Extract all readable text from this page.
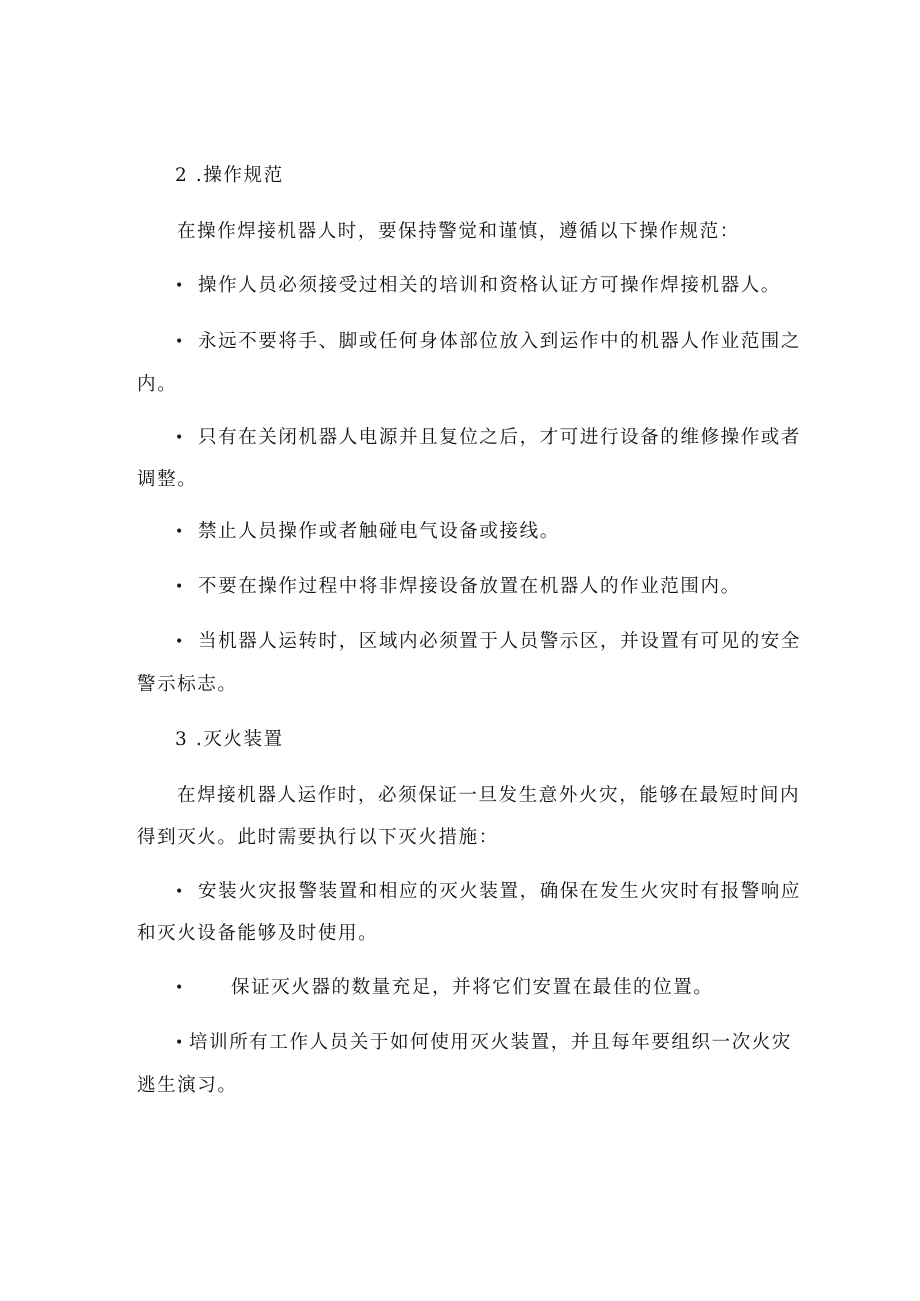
2 .操作规范
在操作焊接机器人时，要保持警觉和谨慎，遵循以下操作规范：
• 操作人员必须接受过相关的培训和资格认证方可操作焊接机器人。
• 永远不要将手、脚或任何身体部位放入到运作中的机器人作业范围之
内。
• 只有在关闭机器人电源并且复位之后，才可进行设备的维修操作或者
调整。
• 禁止人员操作或者触碰电气设备或接线。
• 不要在操作过程中将非焊接设备放置在机器人的作业范围内。
• 当机器人运转时，区域内必须置于人员警示区，并设置有可见的安全
警示标志。
3 .灭火装置
在焊接机器人运作时，必须保证一旦发生意外火灾，能够在最短时间内
得到灭火。此时需要执行以下灭火措施：
• 安装火灾报警装置和相应的灭火装置，确保在发生火灾时有报警响应
和灭火设备能够及时使用。
•	保证灭火器的数量充足，并将它们安置在最佳的位置。
• 培训所有工作人员关于如何使用灭火装置，并且每年要组织一次火灾
逃生演习。
